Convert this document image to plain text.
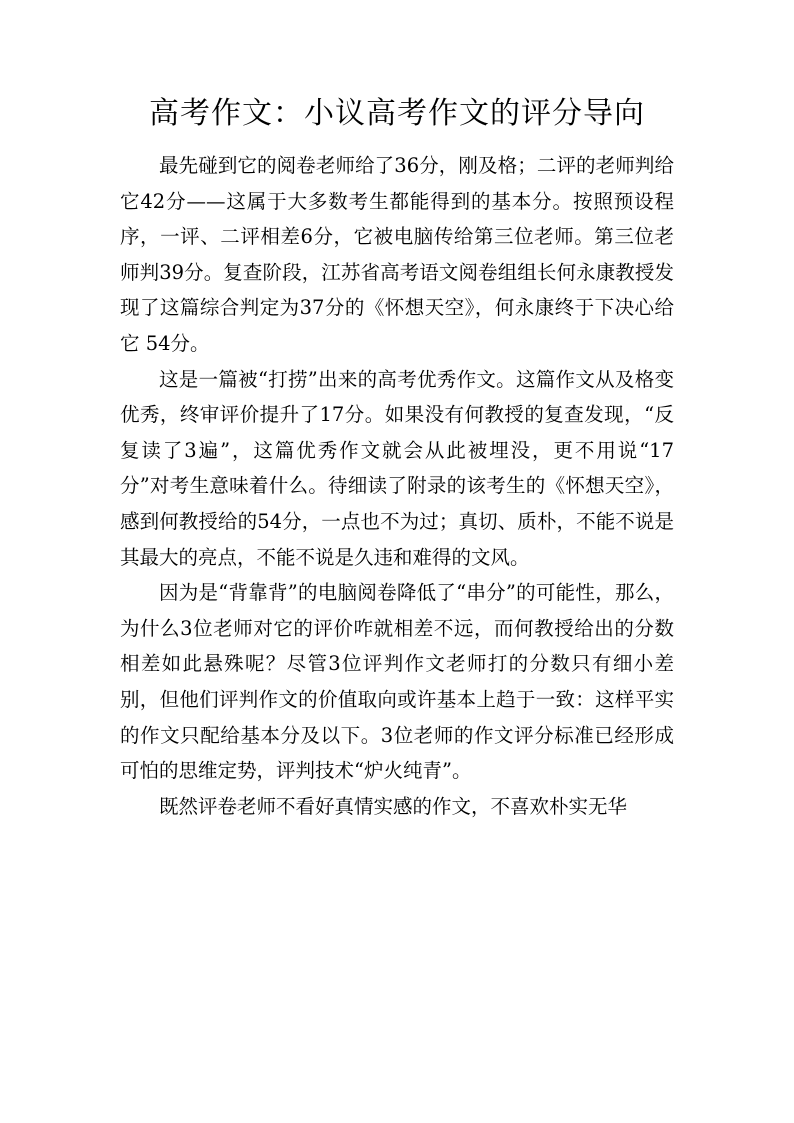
高考作文：小议高考作文的评分导向

最先碰到它的阅卷老师给了36分，刚及格；二评的老师判给它42分——这属于大多数考生都能得到的基本分。按照预设程序，一评、二评相差6分，它被电脑传给第三位老师。第三位老师判39分。复查阶段，江苏省高考语文阅卷组组长何永康教授发现了这篇综合判定为37分的《怀想天空》，何永康终于下决心给它 54分。

这是一篇被“打捞”出来的高考优秀作文。这篇作文从及格变优秀，终审评价提升了17分。如果没有何教授的复查发现，“反复读了3遍”，这篇优秀作文就会从此被埋没，更不用说“17分”对考生意味着什么。待细读了附录的该考生的《怀想天空》，感到何教授给的54分，一点也不为过；真切、质朴，不能不说是其最大的亮点，不能不说是久违和难得的文风。

因为是“背靠背”的电脑阅卷降低了“串分”的可能性，那么，为什么3位老师对它的评价咋就相差不远，而何教授给出的分数相差如此悬殊呢？尽管3位评判作文老师打的分数只有细小差别，但他们评判作文的价值取向或许基本上趋于一致：这样平实的作文只配给基本分及以下。3位老师的作文评分标准已经形成可怕的思维定势，评判技术“炉火纯青”。

既然评卷老师不看好真情实感的作文，不喜欢朴实无华
